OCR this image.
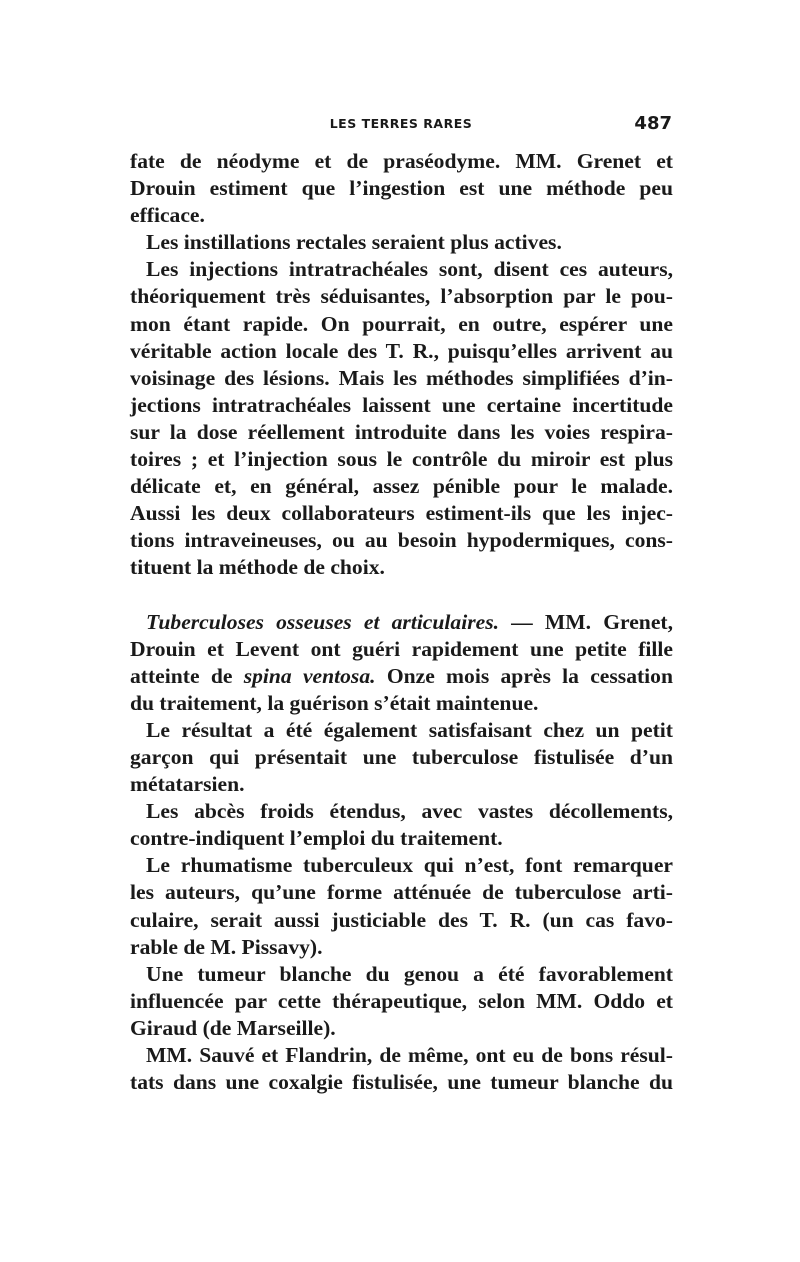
LES TERRES RARES	487
fate de néodyme et de praséodyme. MM. Grenet et
Drouin estiment que l’ingestion est une méthode peu
efficace.
Les instillations rectales seraient plus actives.
Les injections intratrachéales sont, disent ces auteurs,
théoriquement très séduisantes, l’absorption par le pou-
mon étant rapide. On pourrait, en outre, espérer une
véritable action locale des T. R., puisqu’elles arrivent au
voisinage des lésions. Mais les méthodes simplifiées d’in-
jections intratrachéales laissent une certaine incertitude
sur la dose réellement introduite dans les voies respira-
toires ; et l’injection sous le contrôle du miroir est plus
délicate et, en général, assez pénible pour le malade.
Aussi les deux collaborateurs estiment-ils que les injec-
tions intraveineuses, ou au besoin hypodermiques, cons-
tituent la méthode de choix.
Tuberculoses osseuses et articulaires. — MM. Grenet,
Drouin et Levent ont guéri rapidement une petite fille
atteinte de spina ventosa. Onze mois après la cessation
du traitement, la guérison s’était maintenue.
Le résultat a été également satisfaisant chez un petit
garçon qui présentait une tuberculose fistulisée d’un
métatarsien.
Les abcès froids étendus, avec vastes décollements,
contre-indiquent l’emploi du traitement.
Le rhumatisme tuberculeux qui n’est, font remarquer
les auteurs, qu’une forme atténuée de tuberculose arti-
culaire, serait aussi justiciable des T. R. (un cas favo-
rable de M. Pissavy).
Une tumeur blanche du genou a été favorablement
influencée par cette thérapeutique, selon MM. Oddo et
Giraud (de Marseille).
MM. Sauvé et Flandrin, de même, ont eu de bons résul-
tats dans une coxalgie fistulisée, une tumeur blanche du
